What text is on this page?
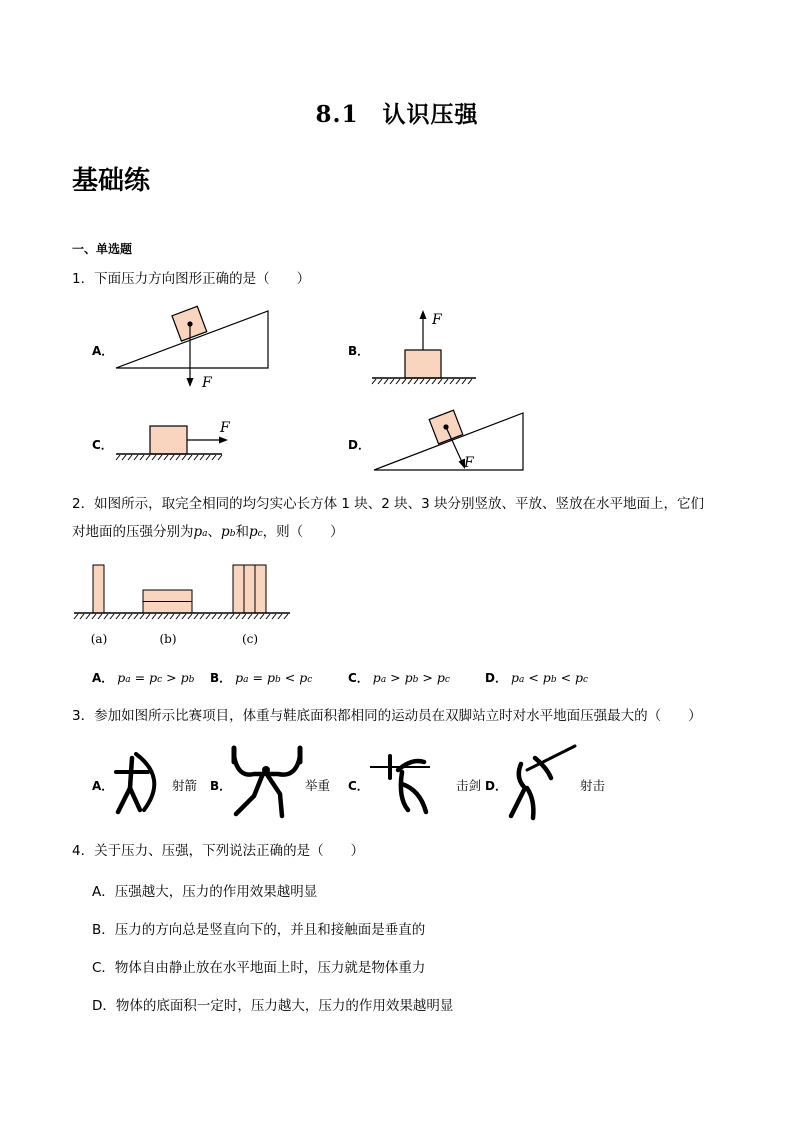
8.1　认识压强
基础练
一、单选题
1．下面压力方向图形正确的是（　　）
A．
F
B．
F
C．
F
D．
F
2．如图所示，取完全相同的均匀实心长方体 1 块、2 块、3 块分别竖放、平放、竖放在水平地面上，它们
对地面的压强分别为pa、pb和pc，则（　　）
(a)	(b)	(c)
A． pa = pc > pb B． pa = pb < pc	C． pa > pb > pc	D． pa < pb < pc
3．参加如图所示比赛项目，体重与鞋底面积都相同的运动员在双脚站立时对水平地面压强最大的（　　）
A．	射箭 B．	举重 C．	击剑 D．	射击
4．关于压力、压强，下列说法正确的是（　　）
A．压强越大，压力的作用效果越明显
B．压力的方向总是竖直向下的，并且和接触面是垂直的
C．物体自由静止放在水平地面上时，压力就是物体重力
D．物体的底面积一定时，压力越大，压力的作用效果越明显
